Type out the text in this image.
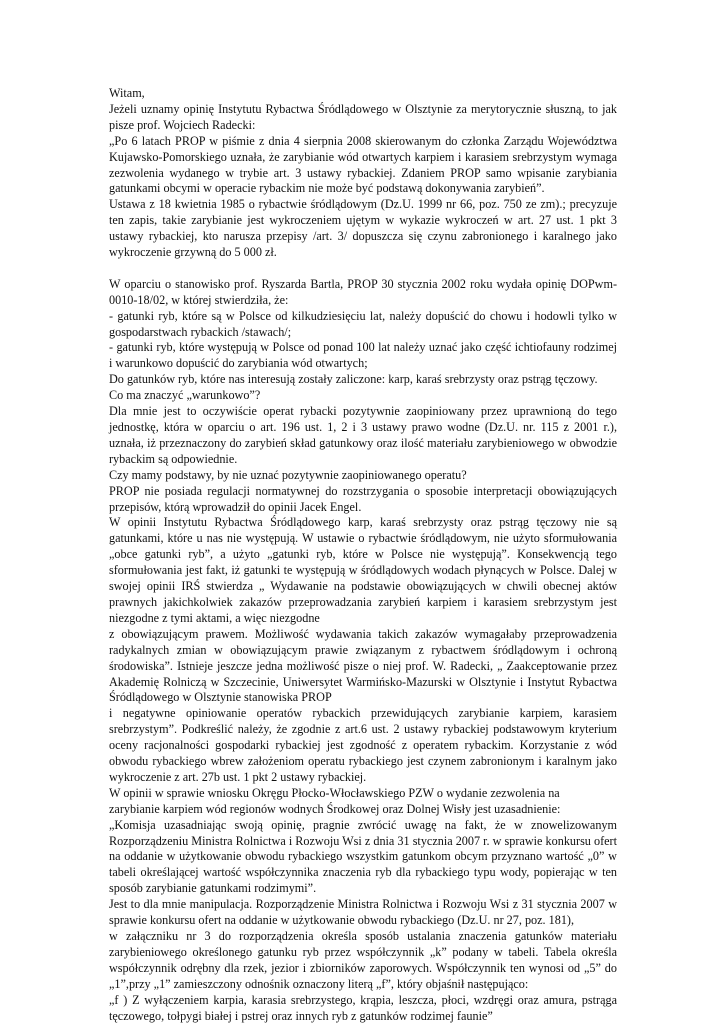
Witam,
Jeżeli uznamy opinię Instytutu Rybactwa Śródlądowego w Olsztynie za merytorycznie słuszną, to jak
pisze prof. Wojciech Radecki:
„Po 6 latach PROP w piśmie z dnia 4 sierpnia 2008 skierowanym do członka Zarządu Województwa
Kujawsko-Pomorskiego uznała, że zarybianie wód otwartych karpiem i karasiem srebrzystym wymaga
zezwolenia wydanego w trybie art. 3 ustawy rybackiej. Zdaniem PROP samo wpisanie zarybiania
gatunkami obcymi w operacie rybackim nie może być podstawą dokonywania zarybień”.
Ustawa z 18 kwietnia 1985 o rybactwie śródlądowym (Dz.U. 1999 nr 66, poz. 750 ze zm).; precyzuje
ten zapis, takie zarybianie jest wykroczeniem ujętym w wykazie wykroczeń w art. 27 ust. 1 pkt 3
ustawy rybackiej, kto narusza przepisy /art. 3/ dopuszcza się czynu zabronionego i karalnego jako
wykroczenie grzywną do 5 000 zł.
W oparciu o stanowisko prof. Ryszarda Bartla, PROP 30 stycznia 2002 roku wydała opinię DOPwm-
0010-18/02, w której stwierdziła, że:
- gatunki ryb, które są w Polsce od kilkudziesięciu lat, należy dopuścić do chowu i hodowli tylko w
gospodarstwach rybackich /stawach/;
- gatunki ryb, które występują w Polsce od ponad 100 lat należy uznać jako część ichtiofauny rodzimej
i warunkowo dopuścić do zarybiania wód otwartych;
Do gatunków ryb, które nas interesują zostały zaliczone: karp, karaś srebrzysty oraz pstrąg tęczowy.
Co ma znaczyć „warunkowo”?
Dla mnie jest to oczywiście operat rybacki pozytywnie zaopiniowany przez uprawnioną do tego
jednostkę, która w oparciu o art. 196 ust. 1, 2 i 3 ustawy prawo wodne (Dz.U. nr. 115 z 2001 r.),
uznała, iż przeznaczony do zarybień skład gatunkowy oraz ilość materiału zarybieniowego w obwodzie
rybackim są odpowiednie.
Czy mamy podstawy, by nie uznać pozytywnie zaopiniowanego operatu?
PROP nie posiada regulacji normatywnej do rozstrzygania o sposobie interpretacji obowiązujących
przepisów, którą wprowadził do opinii Jacek Engel.
W opinii Instytutu Rybactwa Śródlądowego karp, karaś srebrzysty oraz pstrąg tęczowy nie są
gatunkami, które u nas nie występują. W ustawie o rybactwie śródlądowym, nie użyto sformułowania
„obce gatunki ryb”, a użyto „gatunki ryb, które w Polsce nie występują”. Konsekwencją tego
sformułowania jest fakt, iż gatunki te występują w śródlądowych wodach płynących w Polsce. Dalej w
swojej opinii IRŚ stwierdza „ Wydawanie na podstawie obowiązujących w chwili obecnej aktów
prawnych jakichkolwiek zakazów przeprowadzania zarybień karpiem i karasiem srebrzystym jest
niezgodne z tymi aktami, a więc niezgodne
z obowiązującym prawem. Możliwość wydawania takich zakazów wymagałaby przeprowadzenia
radykalnych zmian w obowiązującym prawie związanym z rybactwem śródlądowym i ochroną
środowiska”. Istnieje jeszcze jedna możliwość pisze o niej prof. W. Radecki, „ Zaakceptowanie przez
Akademię Rolniczą w Szczecinie, Uniwersytet Warmińsko-Mazurski w Olsztynie i Instytut Rybactwa
Śródlądowego w Olsztynie stanowiska PROP
i negatywne opiniowanie operatów rybackich przewidujących zarybianie karpiem, karasiem
srebrzystym”. Podkreślić należy, że zgodnie z art.6 ust. 2 ustawy rybackiej podstawowym kryterium
oceny racjonalności gospodarki rybackiej jest zgodność z operatem rybackim. Korzystanie z wód
obwodu rybackiego wbrew założeniom operatu rybackiego jest czynem zabronionym i karalnym jako
wykroczenie z art. 27b ust. 1 pkt 2 ustawy rybackiej.
W opinii w sprawie wniosku Okręgu Płocko-Włocławskiego PZW o wydanie zezwolenia na
zarybianie karpiem wód regionów wodnych Środkowej oraz Dolnej Wisły jest uzasadnienie:
„Komisja uzasadniając swoją opinię, pragnie zwrócić uwagę na fakt, że w znowelizowanym
Rozporządzeniu Ministra Rolnictwa i Rozwoju Wsi z dnia 31 stycznia 2007 r. w sprawie konkursu ofert
na oddanie w użytkowanie obwodu rybackiego wszystkim gatunkom obcym przyznano wartość „0” w
tabeli określającej wartość współczynnika znaczenia ryb dla rybackiego typu wody, popierając w ten
sposób zarybianie gatunkami rodzimymi”.
Jest to dla mnie manipulacja. Rozporządzenie Ministra Rolnictwa i Rozwoju Wsi z 31 stycznia 2007 w
sprawie konkursu ofert na oddanie w użytkowanie obwodu rybackiego (Dz.U. nr 27, poz. 181),
w załączniku nr 3 do rozporządzenia określa sposób ustalania znaczenia gatunków materiału
zarybieniowego określonego gatunku ryb przez współczynnik „k” podany w tabeli. Tabela określa
współczynnik odrębny dla rzek, jezior i zbiorników zaporowych. Współczynnik ten wynosi od „5” do
„1”,przy „1” zamieszczony odnośnik oznaczony literą „f”, który objaśnił następująco:
„f ) Z wyłączeniem karpia, karasia srebrzystego, krąpia, leszcza, płoci, wzdręgi oraz amura, pstrąga
tęczowego, tołpygi białej i pstrej oraz innych ryb z gatunków rodzimej faunie”
